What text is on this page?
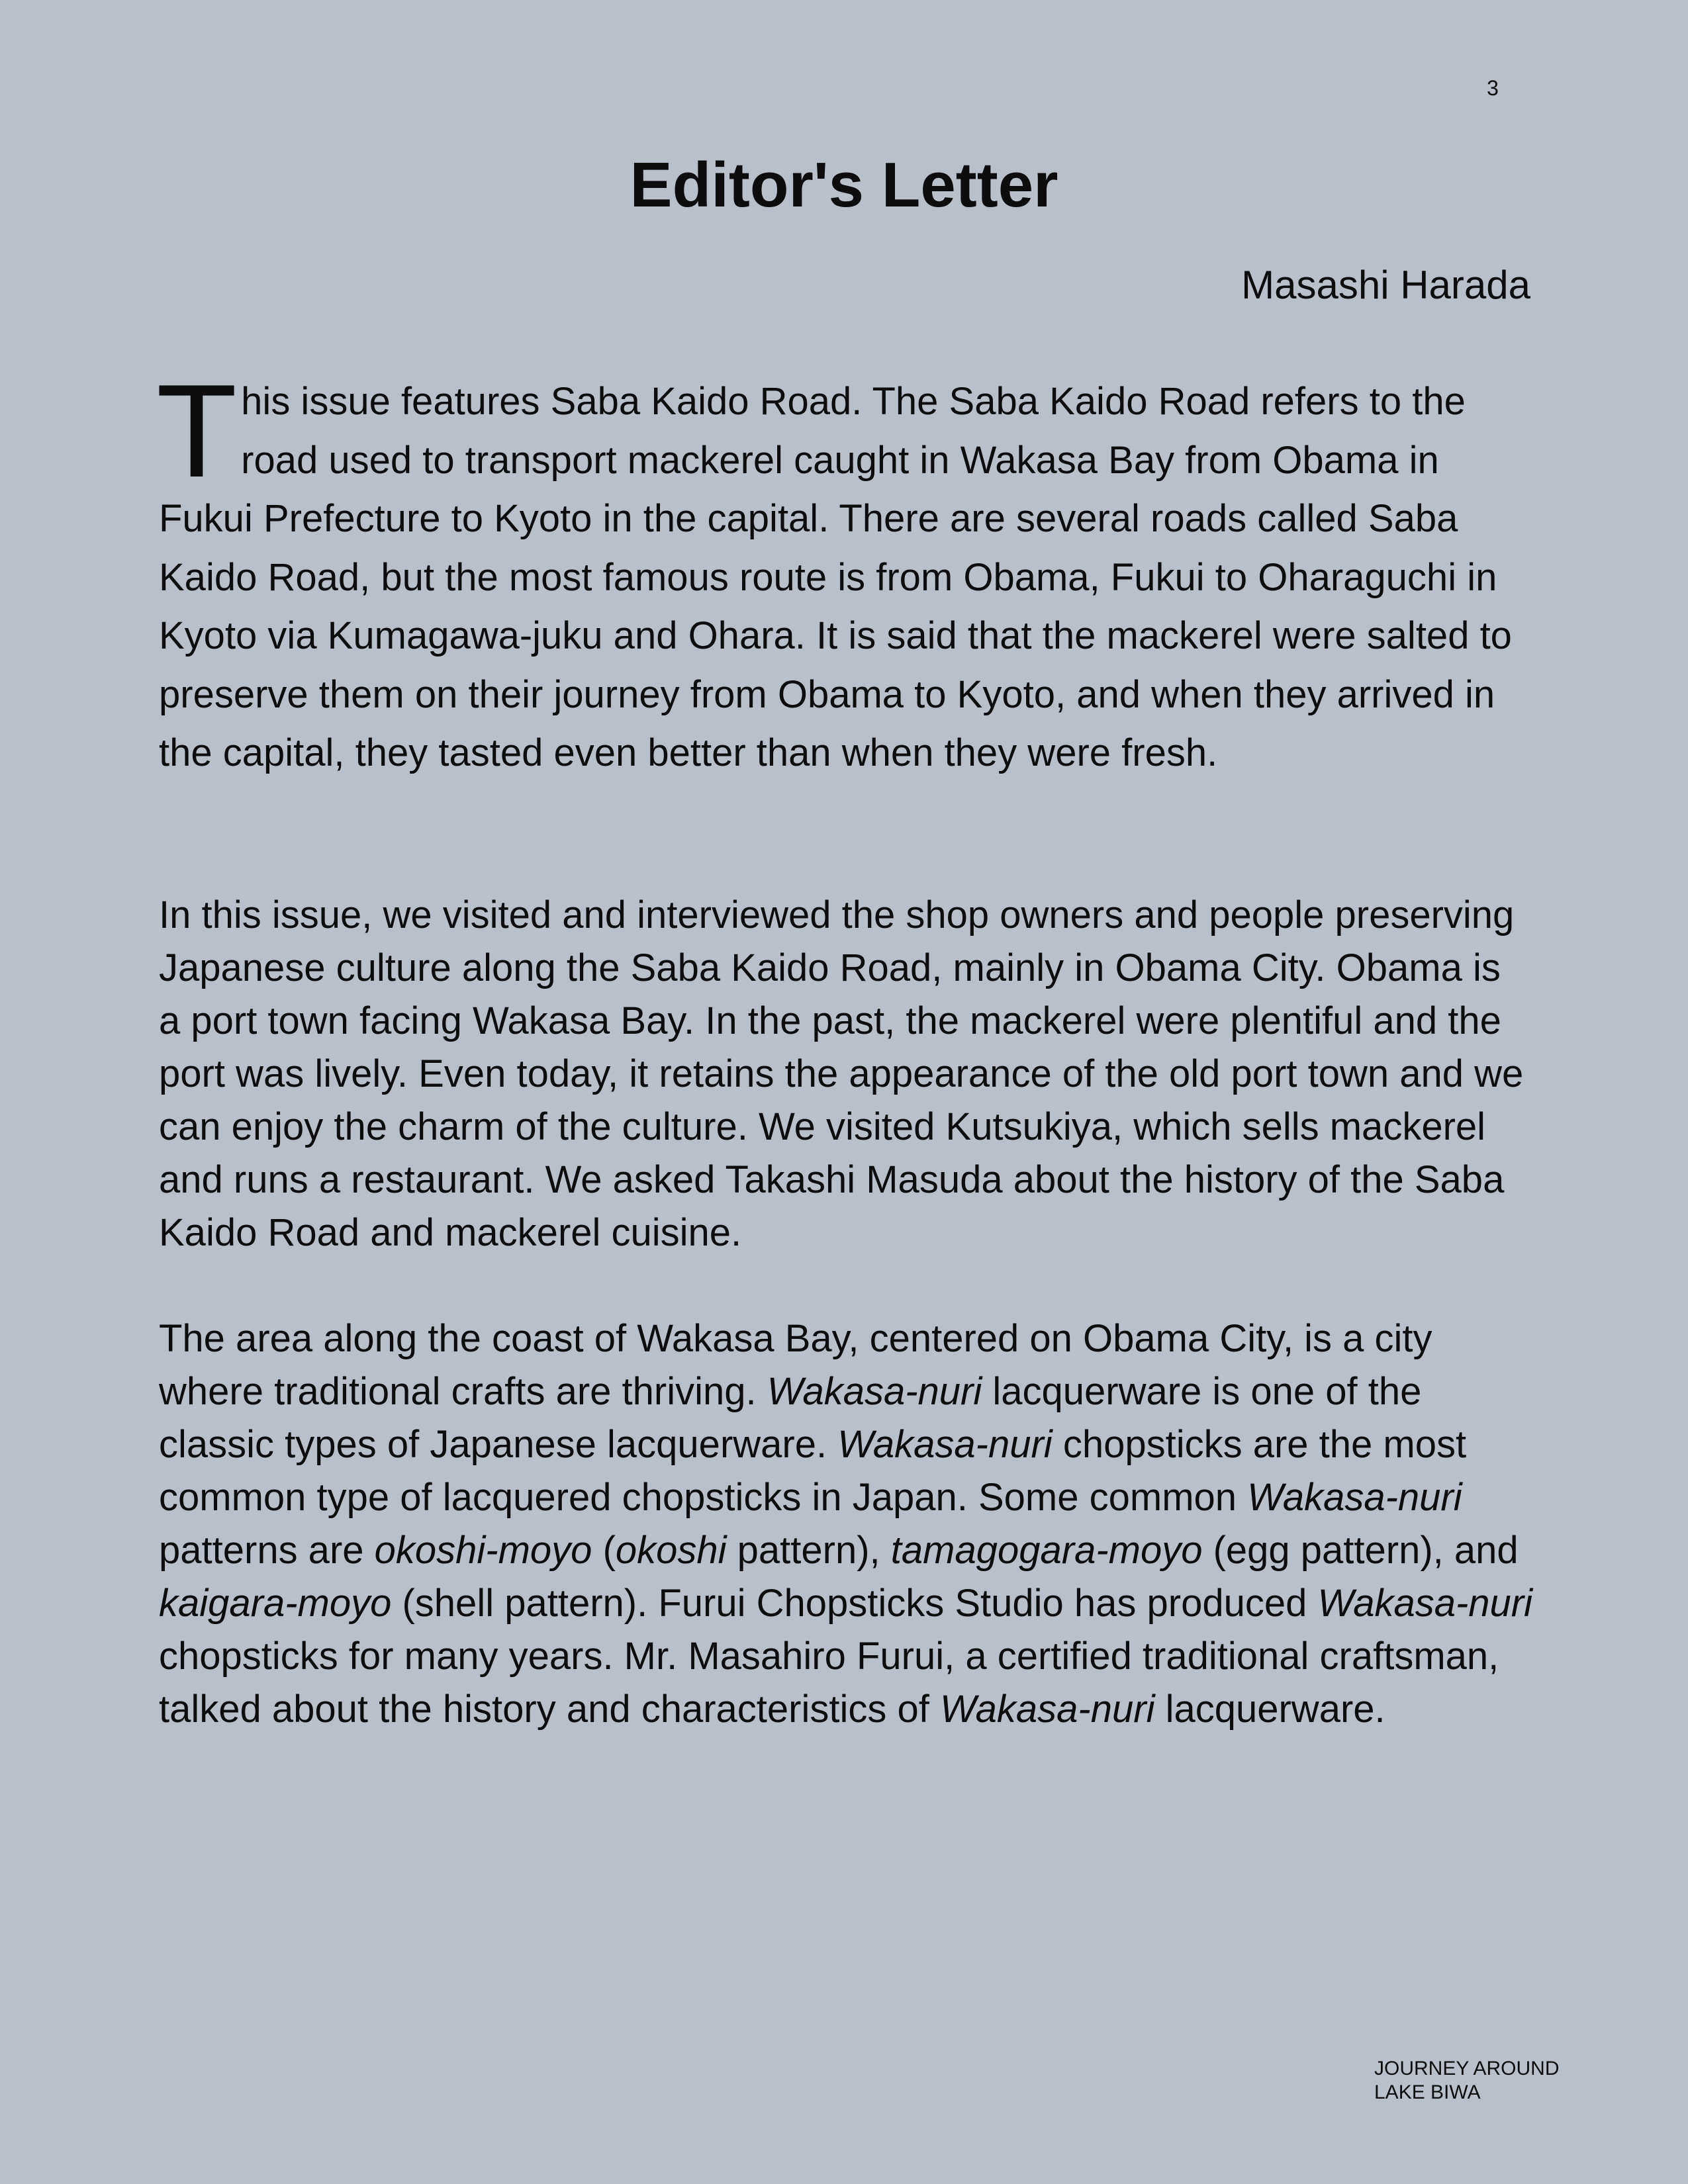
3
Editor's Letter
Masashi Harada

This issue features Saba Kaido Road. The Saba Kaido Road refers to the road used to transport mackerel caught in Wakasa Bay from Obama in Fukui Prefecture to Kyoto in the capital. There are several roads called Saba Kaido Road, but the most famous route is from Obama, Fukui to Oharaguchi in Kyoto via Kumagawa-juku and Ohara. It is said that the mackerel were salted to preserve them on their journey from Obama to Kyoto, and when they arrived in the capital, they tasted even better than when they were fresh.

In this issue, we visited and interviewed the shop owners and people preserving Japanese culture along the Saba Kaido Road, mainly in Obama City. Obama is a port town facing Wakasa Bay. In the past, the mackerel were plentiful and the port was lively. Even today, it retains the appearance of the old port town and we can enjoy the charm of the culture. We visited Kutsukiya, which sells mackerel and runs a restaurant. We asked Takashi Masuda about the history of the Saba Kaido Road and mackerel cuisine.

The area along the coast of Wakasa Bay, centered on Obama City, is a city where traditional crafts are thriving. Wakasa-nuri lacquerware is one of the classic types of Japanese lacquerware. Wakasa-nuri chopsticks are the most common type of lacquered chopsticks in Japan. Some common Wakasa-nuri patterns are okoshi-moyo (okoshi pattern), tamagogara-moyo (egg pattern), and kaigara-moyo (shell pattern). Furui Chopsticks Studio has produced Wakasa-nuri chopsticks for many years. Mr. Masahiro Furui, a certified traditional craftsman, talked about the history and characteristics of Wakasa-nuri lacquerware.

JOURNEY AROUND
LAKE BIWA
